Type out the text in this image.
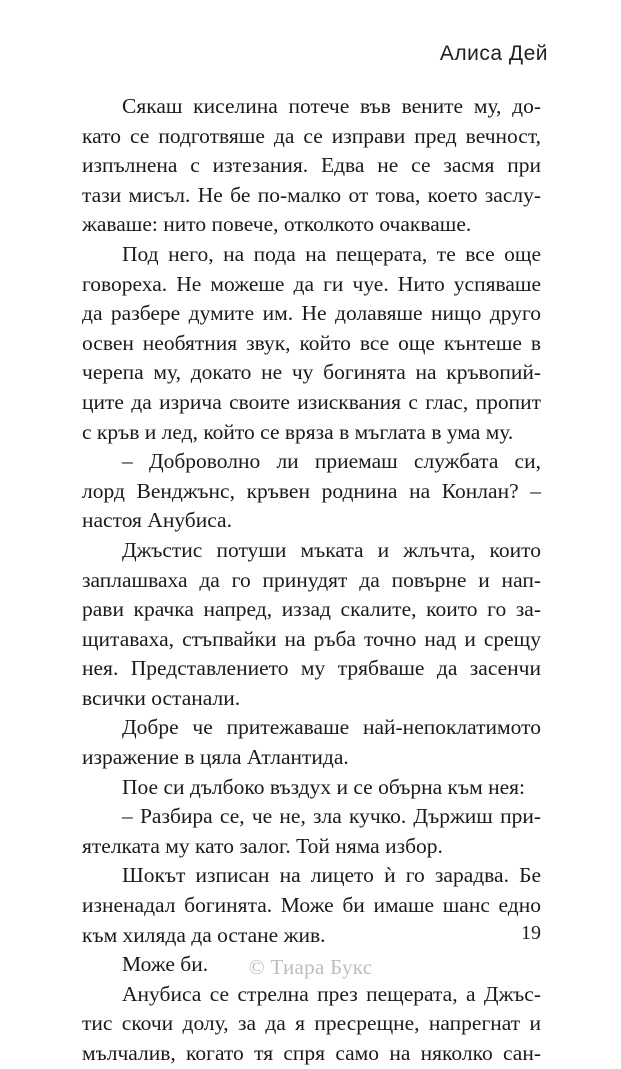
Алиса Дей
Сякаш киселина потече във вените му, до-
като се подготвяше да се изправи пред вечност,
изпълнена с изтезания. Едва не се засмя при
тази мисъл. Не бе по-малко от това, което заслу-
жаваше: нито повече, отколкото очакваше.
Под него, на пода на пещерата, те все още
говореха. Не можеше да ги чуе. Нито успяваше
да разбере думите им. Не долавяше нищо друго
освен необятния звук, който все още кънтеше в
черепа му, докато не чу богинята на кръвопий-
ците да изрича своите изисквания с глас, пропит
с кръв и лед, който се вряза в мъглата в ума му.
– Доброволно ли приемаш службата си,
лорд Венджънс, кръвен роднина на Конлан? –
настоя Анубиса.
Джъстис потуши мъката и жлъчта, които
заплашваха да го принудят да повърне и нап-
рави крачка напред, иззад скалите, които го за-
щитаваха, стъпвайки на ръба точно над и срещу
нея. Представлението му трябваше да засенчи
всички останали.
Добре че притежаваше най-непоклатимото
изражение в цяла Атлантида.
Пое си дълбоко въздух и се обърна към нея:
– Разбира се, че не, зла кучко. Държиш при-
ятелката му като залог. Той няма избор.
Шокът изписан на лицето ѝ го зарадва. Бе
изненадал богинята. Може би имаше шанс едно
към хиляда да остане жив.
Може би.
Анубиса се стрелна през пещерата, а Джъс-
тис скочи долу, за да я пресрещне, напрегнат и
мълчалив, когато тя спря само на няколко сан-
19
© Тиара Букс
